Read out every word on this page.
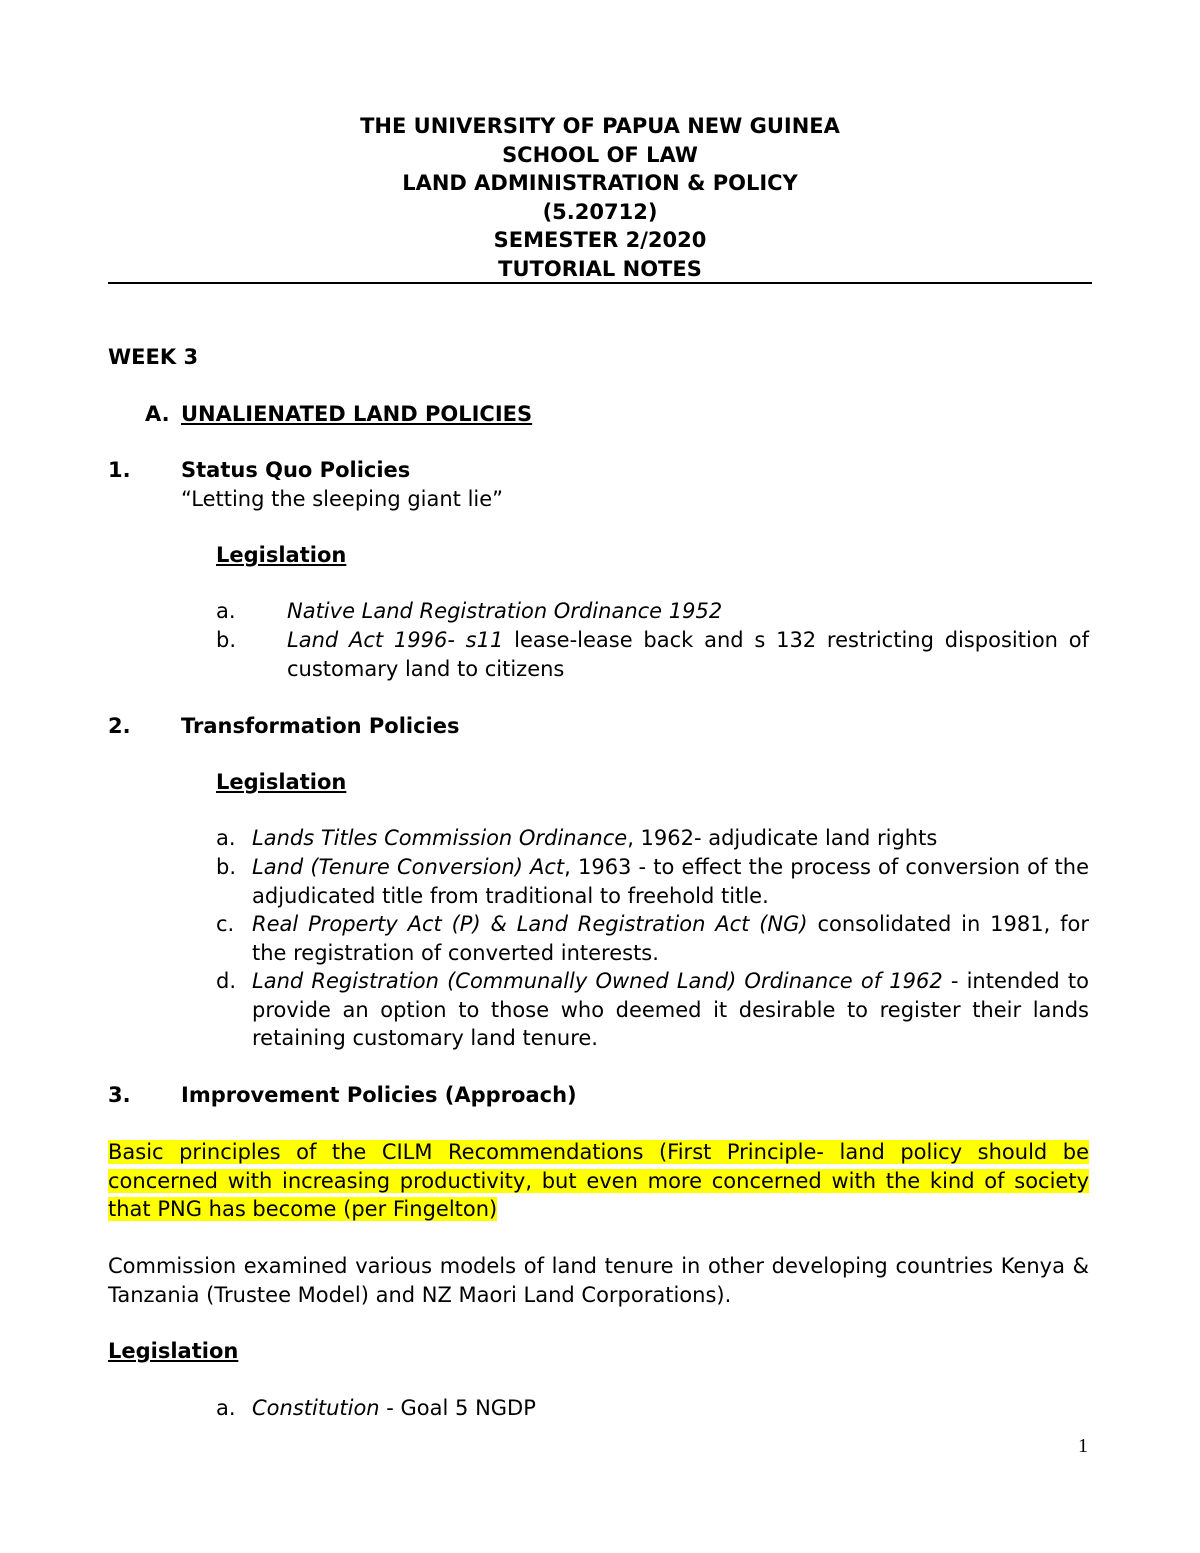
THE UNIVERSITY OF PAPUA NEW GUINEA
SCHOOL OF LAW
LAND ADMINISTRATION & POLICY
(5.20712)
SEMESTER 2/2020
TUTORIAL NOTES
WEEK 3
A. UNALIENATED LAND POLICIES
1. Status Quo Policies
“Letting the sleeping giant lie”
Legislation
a. Native Land Registration Ordinance 1952
b. Land Act 1996- s11 lease-lease back and s 132 restricting disposition of customary land to citizens
2. Transformation Policies
Legislation
a. Lands Titles Commission Ordinance, 1962- adjudicate land rights
b. Land (Tenure Conversion) Act, 1963 - to effect the process of conversion of the adjudicated title from traditional to freehold title.
c. Real Property Act (P) & Land Registration Act (NG) consolidated in 1981, for the registration of converted interests.
d. Land Registration (Communally Owned Land) Ordinance of 1962 - intended to provide an option to those who deemed it desirable to register their lands retaining customary land tenure.
3. Improvement Policies (Approach)
Basic principles of the CILM Recommendations (First Principle- land policy should be concerned with increasing productivity, but even more concerned with the kind of society that PNG has become (per Fingelton)
Commission examined various models of land tenure in other developing countries Kenya & Tanzania (Trustee Model) and NZ Maori Land Corporations).
Legislation
a. Constitution - Goal 5 NGDP
1
